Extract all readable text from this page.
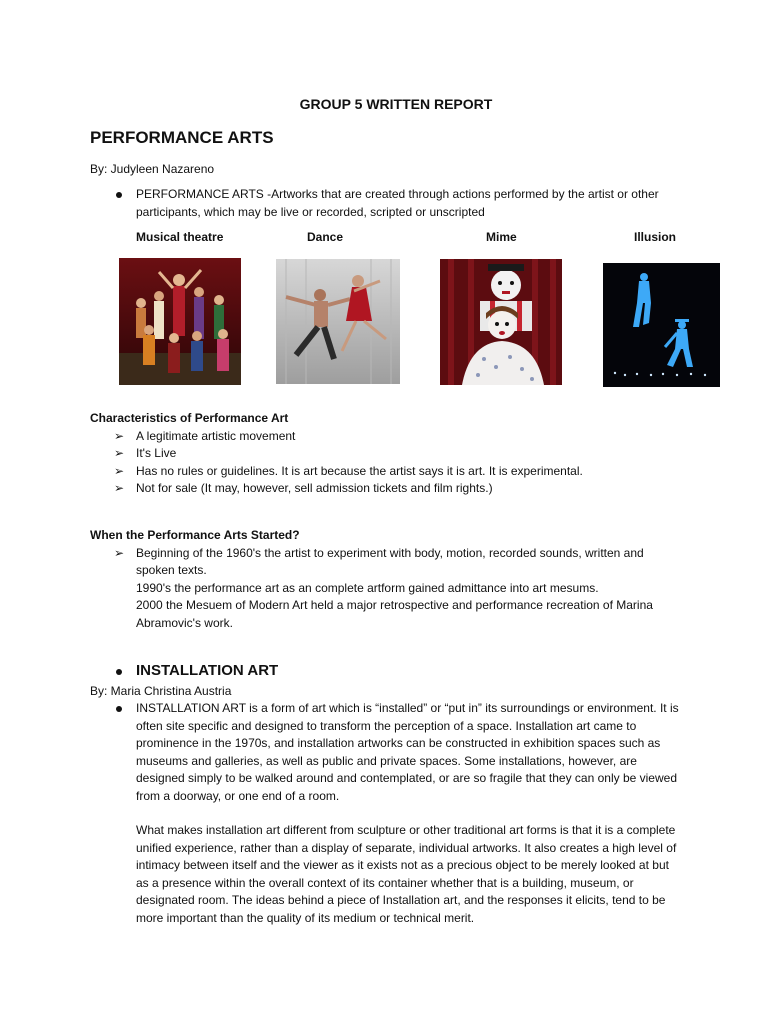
GROUP 5 WRITTEN REPORT
PERFORMANCE ARTS
By: Judyleen Nazareno
PERFORMANCE ARTS -Artworks that are created through actions performed by the artist or other participants, which may be live or recorded, scripted or unscripted
Musical theatre	Dance	Mime	Illusion
Characteristics of Performance Art
➢ A legitimate artistic movement
➢ It's Live
➢ Has no rules or guidelines. It is art because the artist says it is art. It is experimental.
➢ Not for sale (It may, however, sell admission tickets and film rights.)
When the Performance Arts Started?
➢ Beginning of the 1960's the artist to experiment with body, motion, recorded sounds, written and spoken texts.
1990's the performance art as an complete artform gained admittance into art mesums.
2000 the Mesuem of Modern Art held a major retrospective and performance recreation of Marina Abramovic's work.
INSTALLATION ART
By: Maria Christina Austria
INSTALLATION ART is a form of art which is “installed” or “put in” its surroundings or environment. It is often site specific and designed to transform the perception of a space. Installation art came to prominence in the 1970s, and installation artworks can be constructed in exhibition spaces such as museums and galleries, as well as public and private spaces. Some installations, however, are designed simply to be walked around and contemplated, or are so fragile that they can only be viewed from a doorway, or one end of a room.
What makes installation art different from sculpture or other traditional art forms is that it is a complete unified experience, rather than a display of separate, individual artworks. It also creates a high level of intimacy between itself and the viewer as it exists not as a precious object to be merely looked at but as a presence within the overall context of its container whether that is a building, museum, or designated room. The ideas behind a piece of Installation art, and the responses it elicits, tend to be more important than the quality of its medium or technical merit.
